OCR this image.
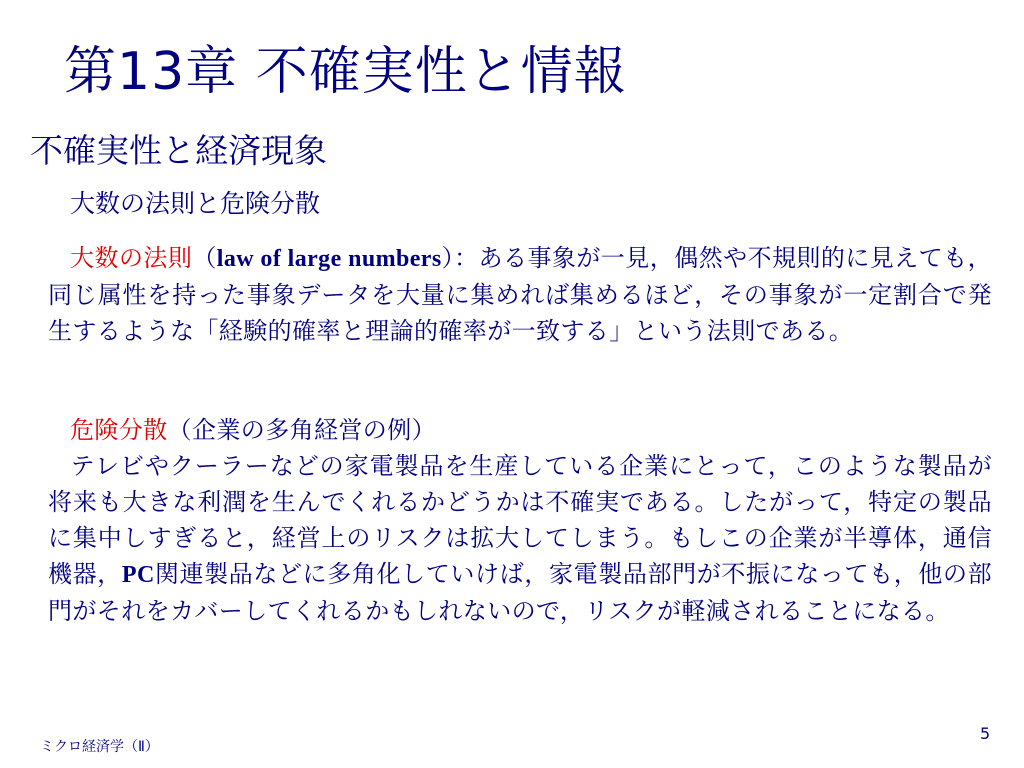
第13章 不確実性と情報
不確実性と経済現象
大数の法則と危険分散
大数の法則（law of large numbers）：ある事象が一見，偶然や不規則的に見えても，同じ属性を持った事象データを大量に集めれば集めるほど，その事象が一定割合で発生するような「経験的確率と理論的確率が一致する」という法則である。
危険分散（企業の多角経営の例）
テレビやクーラーなどの家電製品を生産している企業にとって，このような製品が将来も大きな利潤を生んでくれるかどうかは不確実である。したがって，特定の製品に集中しすぎると，経営上のリスクは拡大してしまう。もしこの企業が半導体，通信機器，PC関連製品などに多角化していけば，家電製品部門が不振になっても，他の部門がそれをカバーしてくれるかもしれないので，リスクが軽減されることになる。
ミクロ経済学（Ⅱ）
5
